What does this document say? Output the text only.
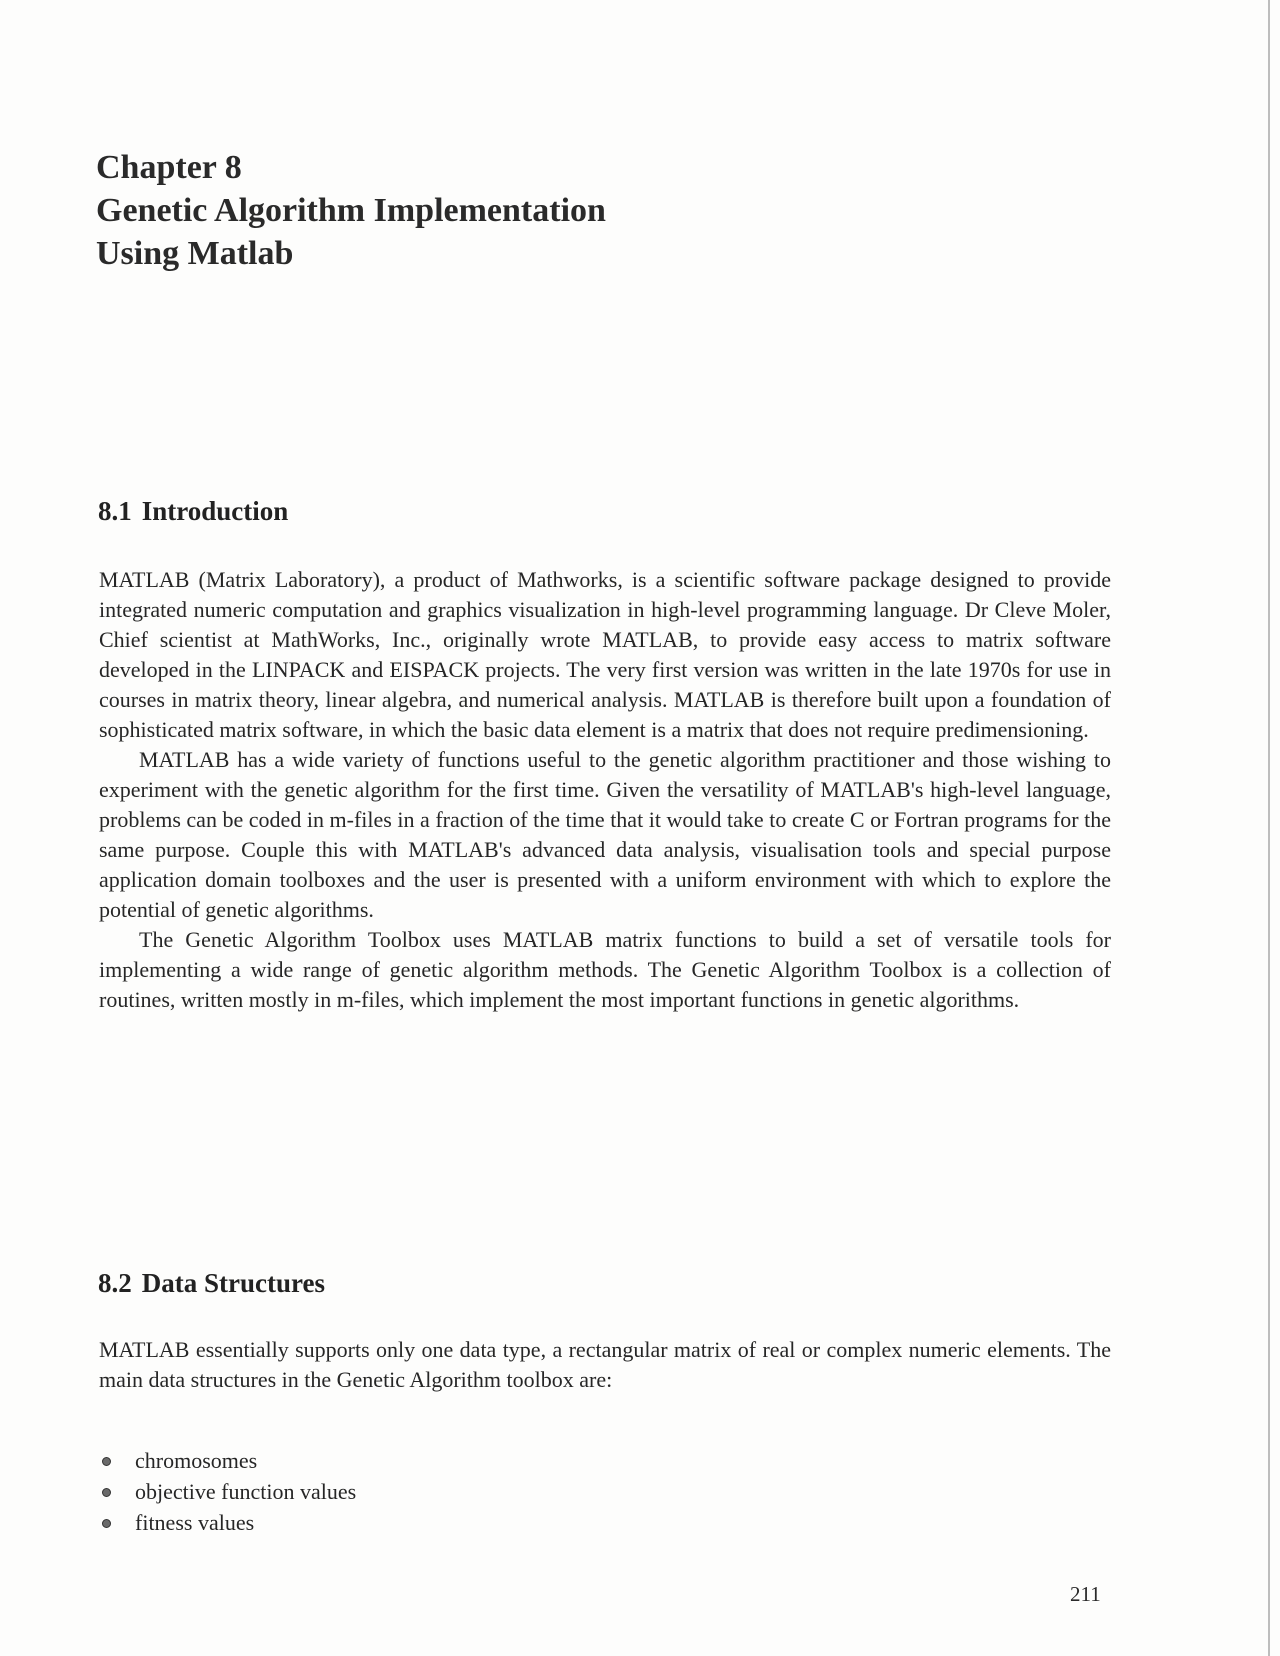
Chapter 8
Genetic Algorithm Implementation
Using Matlab
8.1 Introduction

MATLAB (Matrix Laboratory), a product of Mathworks, is a scientific software package designed to provide integrated numeric computation and graphics visualization in high-level programming language. Dr Cleve Moler, Chief scientist at MathWorks, Inc., originally wrote MATLAB, to provide easy access to matrix software developed in the LINPACK and EISPACK projects. The very first version was written in the late 1970s for use in courses in matrix theory, linear algebra, and numerical analysis. MATLAB is therefore built upon a foundation of sophisticated matrix software, in which the basic data element is a matrix that does not require predimensioning.

MATLAB has a wide variety of functions useful to the genetic algorithm practitioner and those wishing to experiment with the genetic algorithm for the first time. Given the versatility of MATLAB's high-level language, problems can be coded in m-files in a fraction of the time that it would take to create C or Fortran programs for the same purpose. Couple this with MATLAB's advanced data analysis, visualisation tools and special purpose application domain toolboxes and the user is presented with a uniform environment with which to explore the potential of genetic algorithms.

The Genetic Algorithm Toolbox uses MATLAB matrix functions to build a set of versatile tools for implementing a wide range of genetic algorithm methods. The Genetic Algorithm Toolbox is a collection of routines, written mostly in m-files, which implement the most important functions in genetic algorithms.

8.2 Data Structures

MATLAB essentially supports only one data type, a rectangular matrix of real or complex numeric elements. The main data structures in the Genetic Algorithm toolbox are:

chromosomes
objective function values
fitness values
211
